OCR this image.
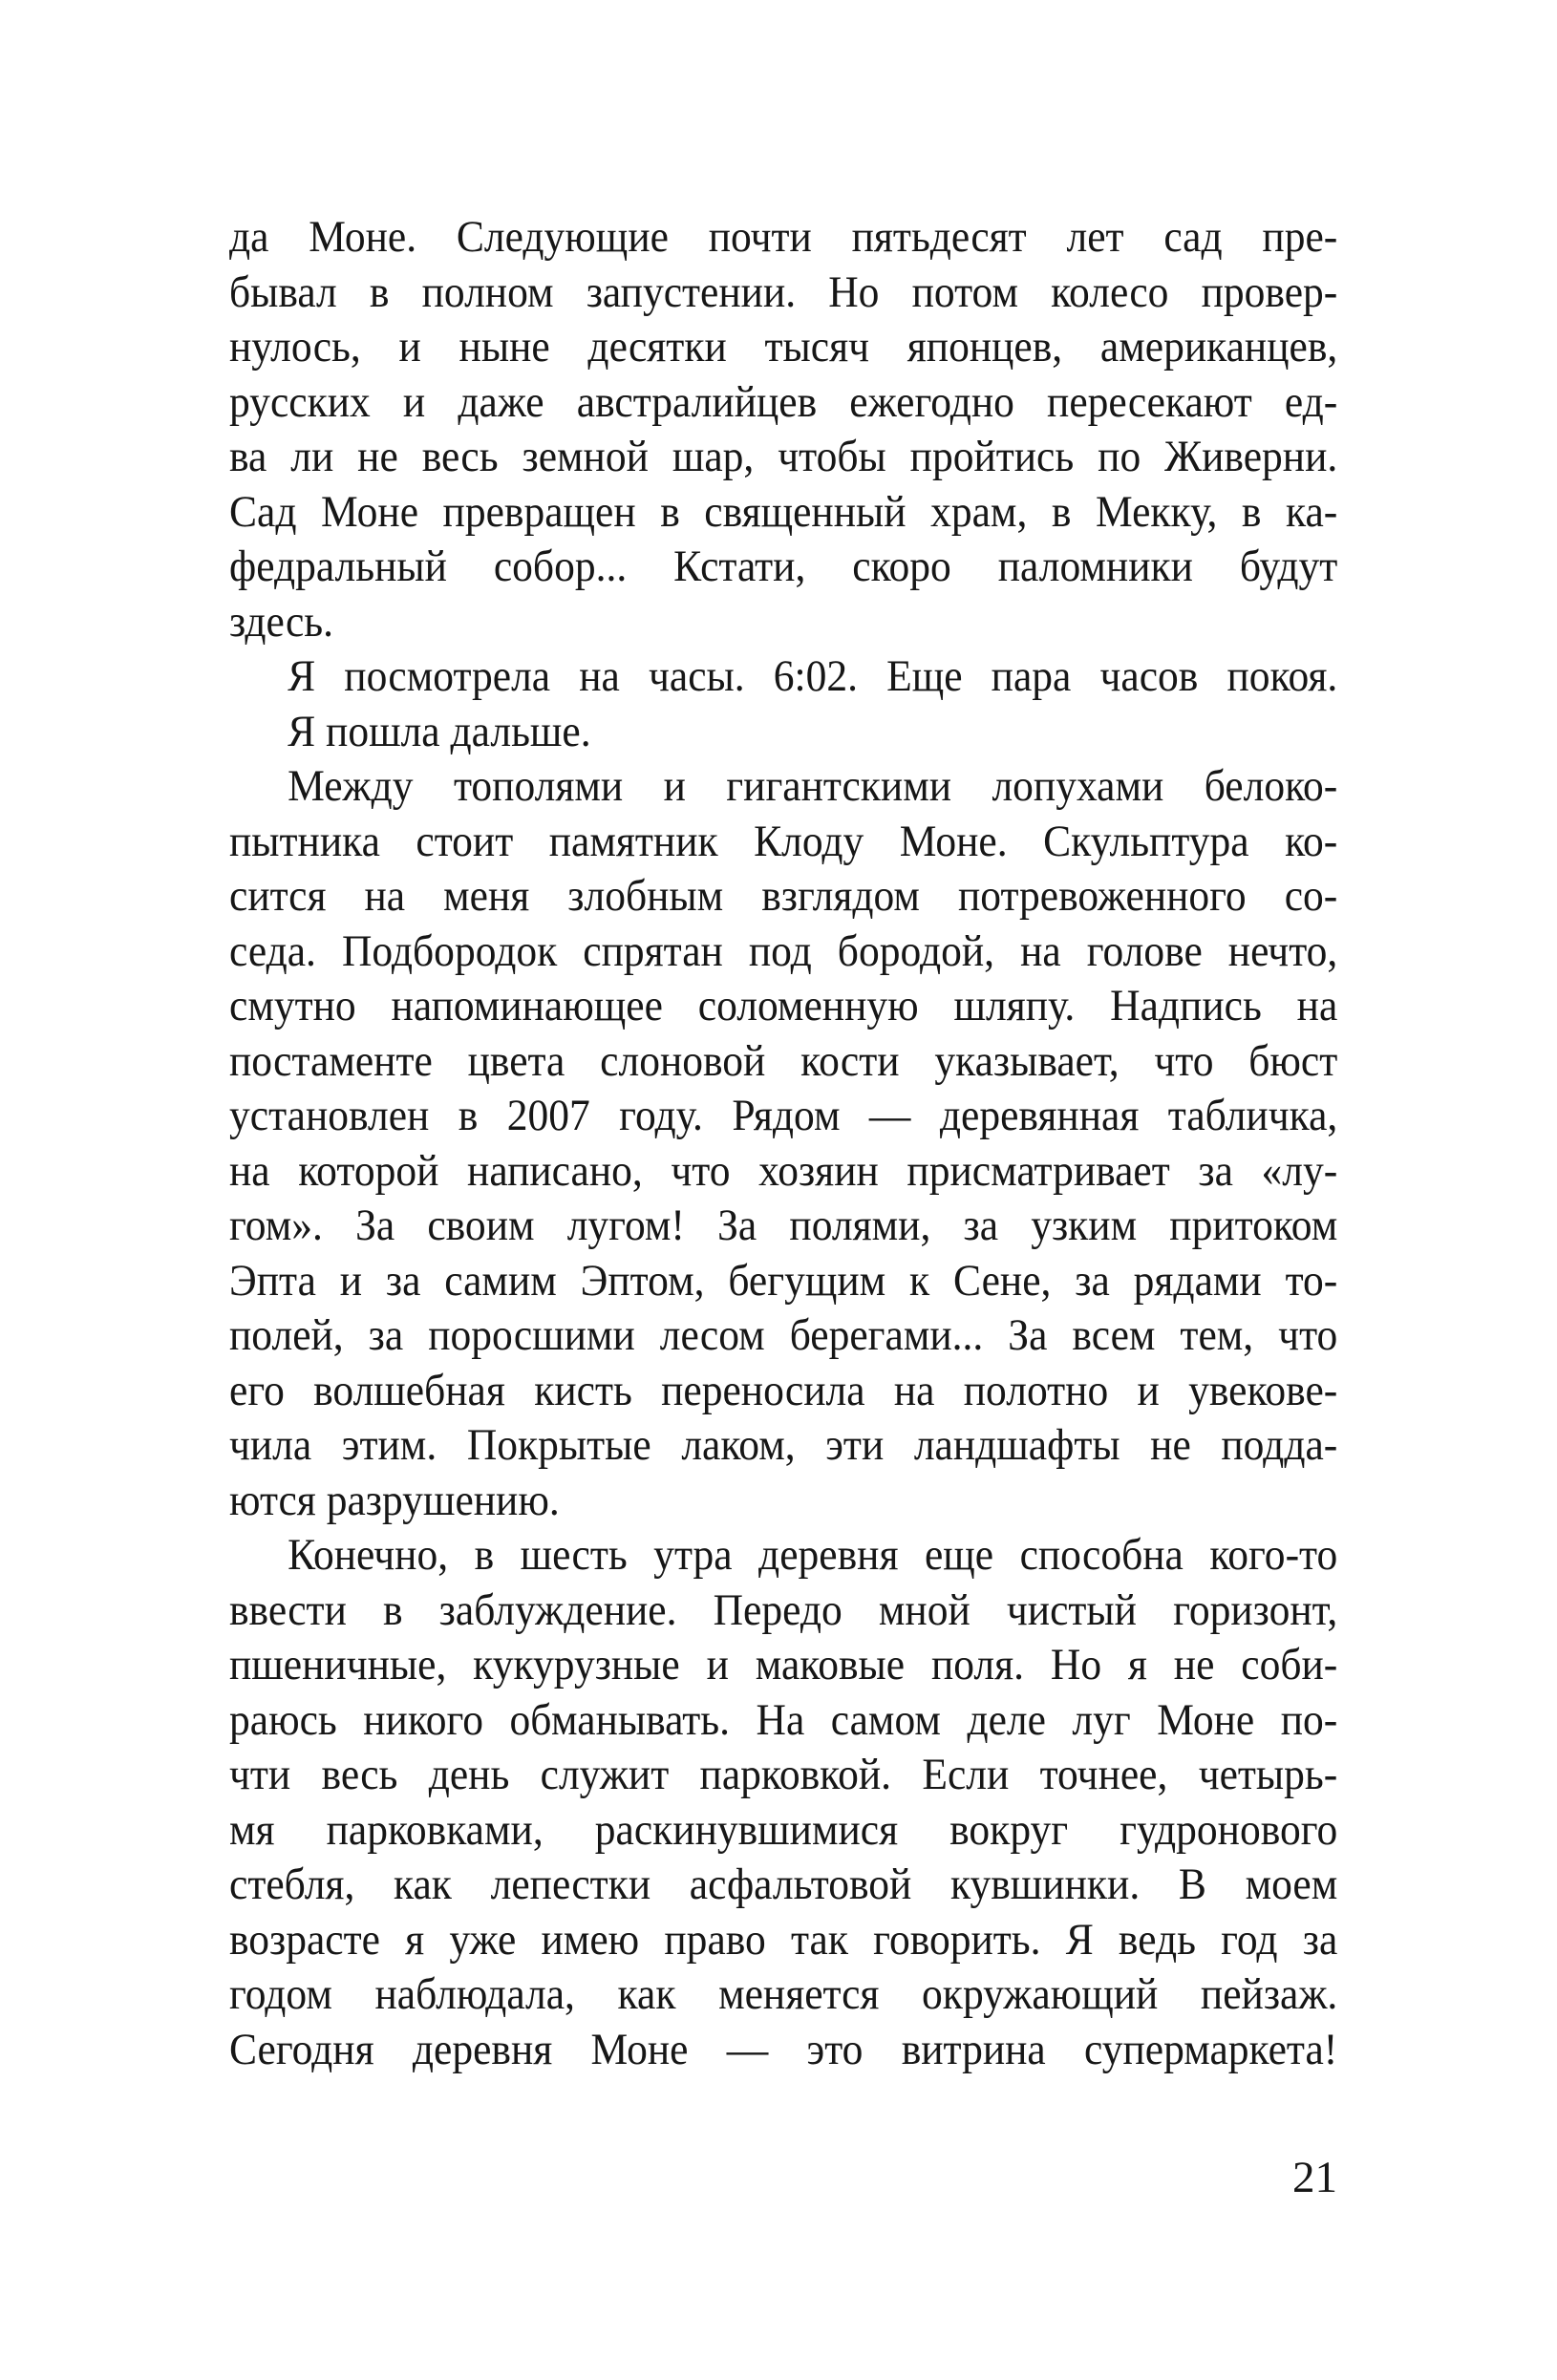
да Моне. Следующие почти пятьдесят лет сад пре-
бывал в полном запустении. Но потом колесо провер-
нулось, и ныне десятки тысяч японцев, американцев,
русских и даже австралийцев ежегодно пересекают ед-
ва ли не весь земной шар, чтобы пройтись по Живерни.
Сад Моне превращен в священный храм, в Мекку, в ка-
федральный собор... Кстати, скоро паломники будут
здесь.
Я посмотрела на часы. 6:02. Еще пара часов покоя.
Я пошла дальше.
Между тополями и гигантскими лопухами белоко-
пытника стоит памятник Клоду Моне. Скульптура ко-
сится на меня злобным взглядом потревоженного со-
седа. Подбородок спрятан под бородой, на голове нечто,
смутно напоминающее соломенную шляпу. Надпись на
постаменте цвета слоновой кости указывает, что бюст
установлен в 2007 году. Рядом — деревянная табличка,
на которой написано, что хозяин присматривает за «лу-
гом». За своим лугом! За полями, за узким притоком
Эпта и за самим Эптом, бегущим к Сене, за рядами то-
полей, за поросшими лесом берегами... За всем тем, что
его волшебная кисть переносила на полотно и увекове-
чила этим. Покрытые лаком, эти ландшафты не подда-
ются разрушению.
Конечно, в шесть утра деревня еще способна кого-то
ввести в заблуждение. Передо мной чистый горизонт,
пшеничные, кукурузные и маковые поля. Но я не соби-
раюсь никого обманывать. На самом деле луг Моне по-
чти весь день служит парковкой. Если точнее, четырь-
мя парковками, раскинувшимися вокруг гудронового
стебля, как лепестки асфальтовой кувшинки. В моем
возрасте я уже имею право так говорить. Я ведь год за
годом наблюдала, как меняется окружающий пейзаж.
Сегодня деревня Моне — это витрина супермаркета!
21
